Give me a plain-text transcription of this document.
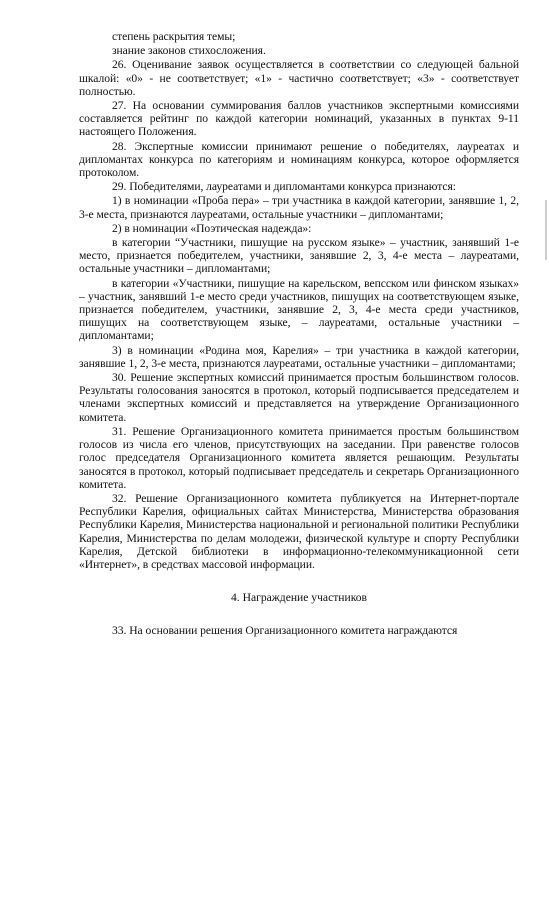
степень раскрытия темы;

знание законов стихосложения.

26. Оценивание заявок осуществляется в соответствии со следующей бальной шкалой: «0» - не соответствует; «1» - частично соответствует; «3» - соответствует полностью.

27. На основании суммирования баллов участников экспертными комиссиями составляется рейтинг по каждой категории номинаций, указанных в пунктах 9-11 настоящего Положения.

28. Экспертные комиссии принимают решение о победителях, лауреатах и дипломантах конкурса по категориям и номинациям конкурса, которое оформляется протоколом.

29. Победителями, лауреатами и дипломантами конкурса признаются:

1) в номинации «Проба пера» – три участника в каждой категории, занявшие 1, 2, 3-е места, признаются лауреатами, остальные участники – дипломантами;

2) в номинации «Поэтическая надежда»:

в категории “Участники, пишущие на русском языке» – участник, занявший 1-е место, признается победителем, участники, занявшие 2, 3, 4-е места – лауреатами, остальные участники – дипломантами;

в категории «Участники, пишущие на карельском, вепсском или финском языках» – участник, занявший 1-е место среди участников, пишущих на соответствующем языке, признается победителем, участники, занявшие 2, 3, 4-е места среди участников, пишущих на соответствующем языке, – лауреатами, остальные участники – дипломантами;

3) в номинации «Родина моя, Карелия» – три участника в каждой категории, занявшие 1, 2, 3-е места, признаются лауреатами, остальные участники – дипломантами;

30. Решение экспертных комиссий принимается простым большинством голосов. Результаты голосования заносятся в протокол, который подписывается председателем и членами экспертных комиссий и представляется на утверждение Организационного комитета.

31. Решение Организационного комитета принимается простым большинством голосов из числа его членов, присутствующих на заседании. При равенстве голосов голос председателя Организационного комитета является решающим. Результаты заносятся в протокол, который подписывает председатель и секретарь Организационного комитета.

32. Решение Организационного комитета публикуется на Интернет-портале Республики Карелия, официальных сайтах Министерства, Министерства образования Республики Карелия, Министерства национальной и региональной политики Республики Карелия, Министерства по делам молодежи, физической культуре и спорту Республики Карелия, Детской библиотеки в информационно-телекоммуникационной сети «Интернет», в средствах массовой информации.

4. Награждение участников

33. На основании решения Организационного комитета награждаются
